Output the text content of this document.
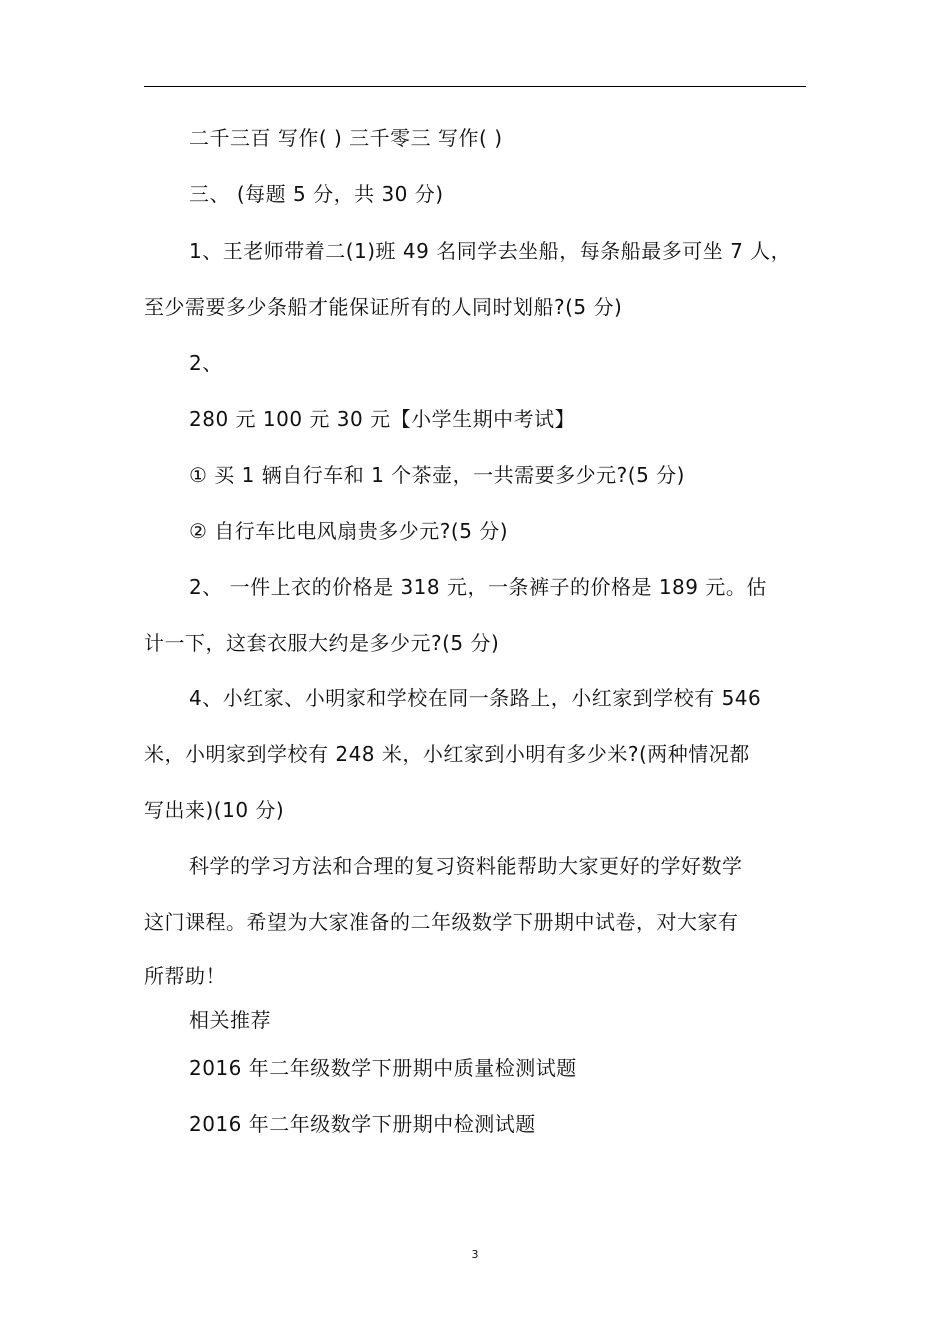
二千三百 写作( ) 三千零三 写作( )
三、 (每题 5 分，共 30 分)
1、王老师带着二(1)班 49 名同学去坐船，每条船最多可坐 7 人，
至少需要多少条船才能保证所有的人同时划船?(5 分)
2、
280 元 100 元 30 元【小学生期中考试】
① 买 1 辆自行车和 1 个茶壶，一共需要多少元?(5 分)
② 自行车比电风扇贵多少元?(5 分)
2、 一件上衣的价格是 318 元，一条裤子的价格是 189 元。估
计一下，这套衣服大约是多少元?(5 分)
4、小红家、小明家和学校在同一条路上，小红家到学校有 546
米，小明家到学校有 248 米，小红家到小明有多少米?(两种情况都
写出来)(10 分)
科学的学习方法和合理的复习资料能帮助大家更好的学好数学
这门课程。希望为大家准备的二年级数学下册期中试卷，对大家有
所帮助！
相关推荐
2016 年二年级数学下册期中质量检测试题
2016 年二年级数学下册期中检测试题
3
